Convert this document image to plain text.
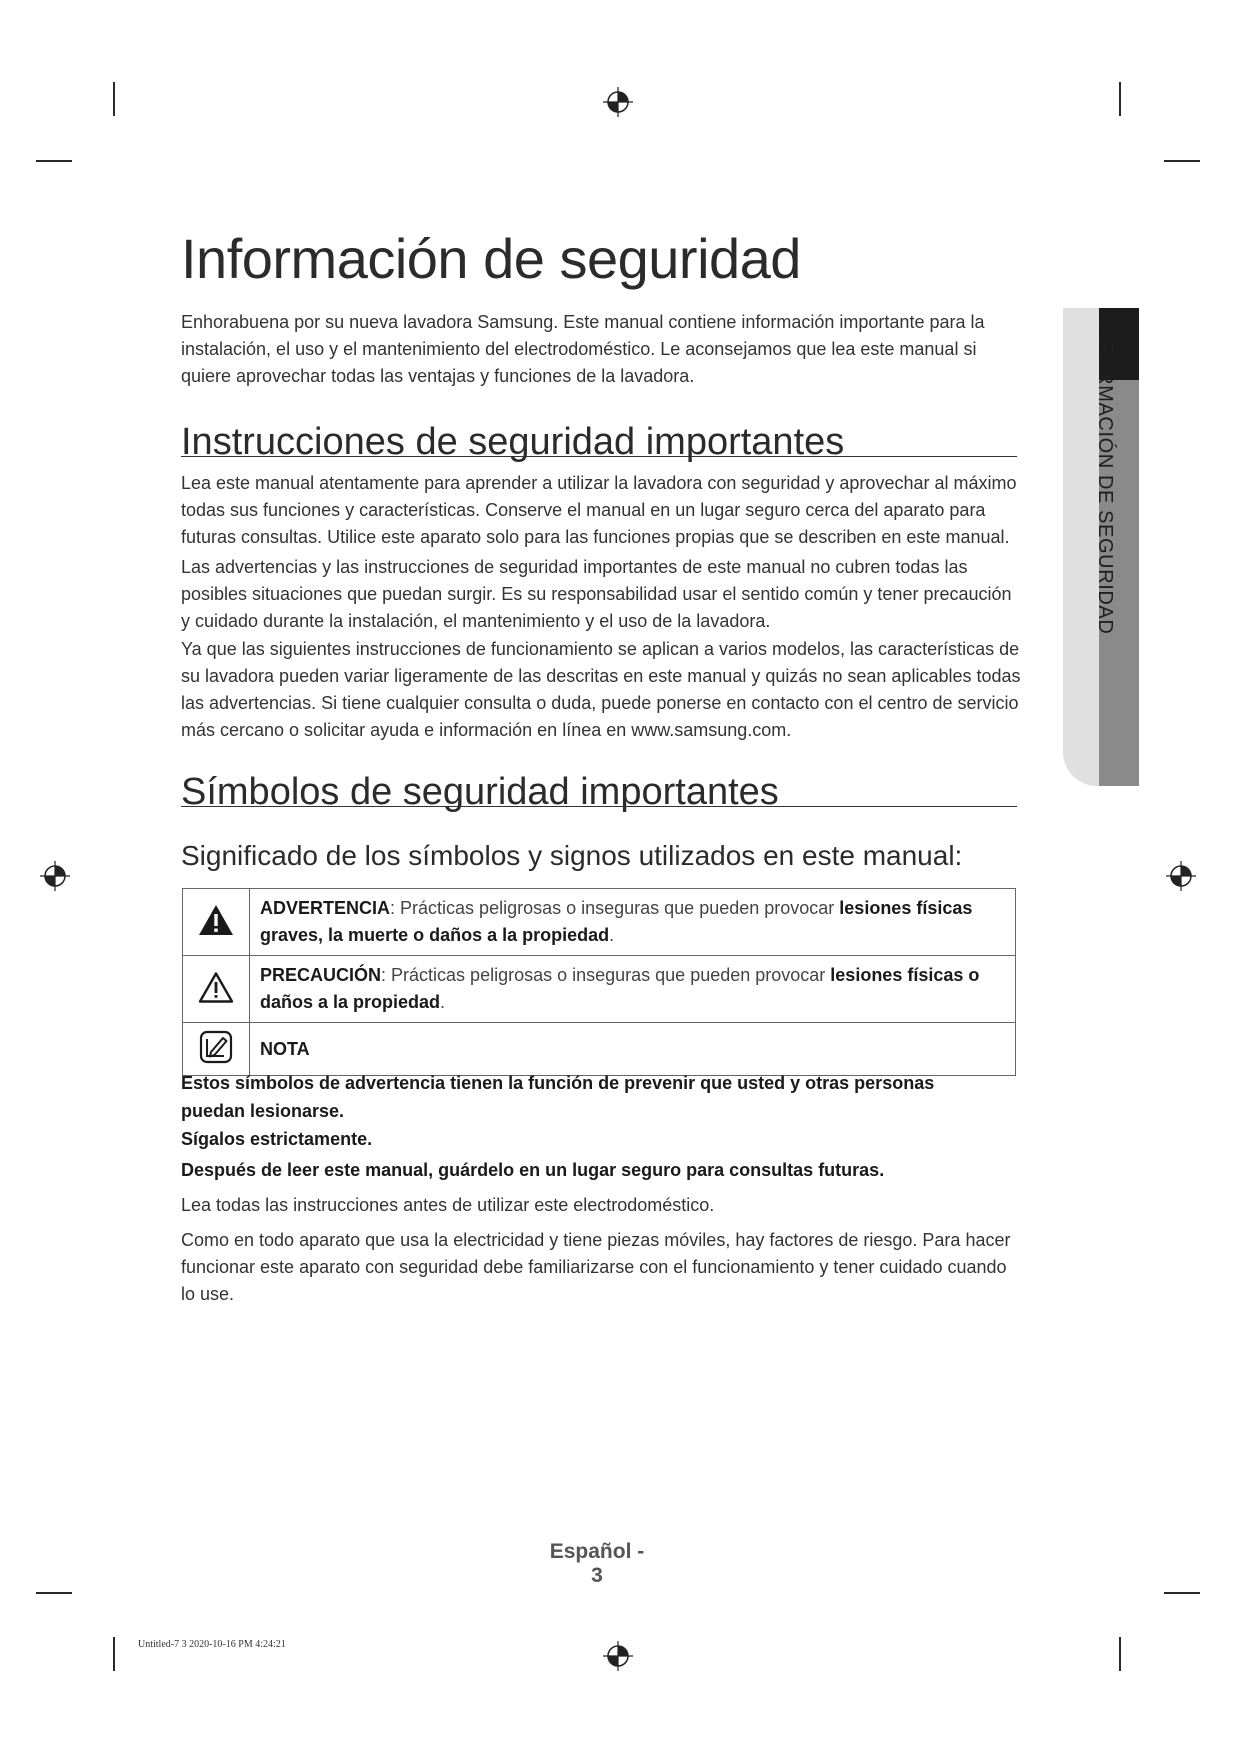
INFORMACIÓN DE SEGURIDAD
Información de seguridad

Enhorabuena por su nueva lavadora Samsung. Este manual contiene información importante para la instalación, el uso y el mantenimiento del electrodoméstico. Le aconsejamos que lea este manual si quiere aprovechar todas las ventajas y funciones de la lavadora.

Instrucciones de seguridad importantes

Lea este manual atentamente para aprender a utilizar la lavadora con seguridad y aprovechar al máximo todas sus funciones y características. Conserve el manual en un lugar seguro cerca del aparato para futuras consultas. Utilice este aparato solo para las funciones propias que se describen en este manual.

Las advertencias y las instrucciones de seguridad importantes de este manual no cubren todas las posibles situaciones que puedan surgir. Es su responsabilidad usar el sentido común y tener precaución y cuidado durante la instalación, el mantenimiento y el uso de la lavadora.

Ya que las siguientes instrucciones de funcionamiento se aplican a varios modelos, las características de su lavadora pueden variar ligeramente de las descritas en este manual y quizás no sean aplicables todas las advertencias. Si tiene cualquier consulta o duda, puede ponerse en contacto con el centro de servicio más cercano o solicitar ayuda e información en línea en www.samsung.com.

Símbolos de seguridad importantes
Significado de los símbolos y signos utilizados en este manual:
	ADVERTENCIA: Prácticas peligrosas o inseguras que pueden provocar lesiones físicas graves, la muerte o daños a la propiedad.
	PRECAUCIÓN: Prácticas peligrosas o inseguras que pueden provocar lesiones físicas o daños a la propiedad.
	NOTA

Estos símbolos de advertencia tienen la función de prevenir que usted y otras personas puedan lesionarse.

Sígalos estrictamente.

Después de leer este manual, guárdelo en un lugar seguro para consultas futuras.

Lea todas las instrucciones antes de utilizar este electrodoméstico.

Como en todo aparato que usa la electricidad y tiene piezas móviles, hay factores de riesgo. Para hacer funcionar este aparato con seguridad debe familiarizarse con el funcionamiento y tener cuidado cuando lo use.

Español - 3
Untitled-7 3 2020-10-16 PM 4:24:21
